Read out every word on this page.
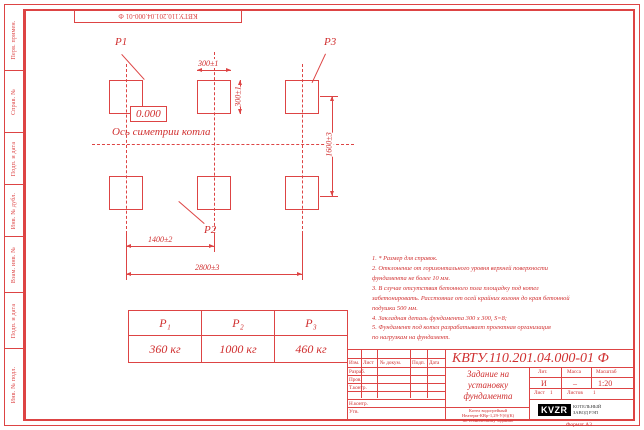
Перв. примен.
Справ. №
Подп. и дата
Инв. № дубл.
Взам. инв. №
Подп. и дата
Инв. № подл.
КВТУ.110.201.04.000-01 Ф
Р1	Р3
Р2
0.000
Ось симетрии котла
300±1
300±1
1600±3
1400±2
2800±3
Р₁	Р₂	Р₃
360 кг	1000 кг	460 кг
1. * Размер для справок.
2. Отклонение от горизонтального уровня верхней поверхности
фундамента не более 10 мм.
3. В случае отсутствия бетонного пола площадку под котел
забетонировать. Расстояние от осей крайних колонн до края бетонной
подушки 500 мм.
4. Закладная деталь фундамента 300 х 300, S=8;
5. Фундамент под котел разрабатывает проектная организация
по нагрузкам на фундамент.
КВТУ.110.201.04.000-01 Ф
Изм. Лист № докум. Подп. Дата
Разраб.
Пров.
Т.контр.
Н.контр.
Утв.
Задание на
установку
фундамента
Лит.	Масса	Масштаб
И	–	1:20
Лист 1	Листов 1
Котел водогрейный
Неатерм-КВр-1,29-У(б)(К)
по техническому заданию
KVZR	КОТЕЛЬНЫЙ
ЗАВОД РЭП
Формат А3
